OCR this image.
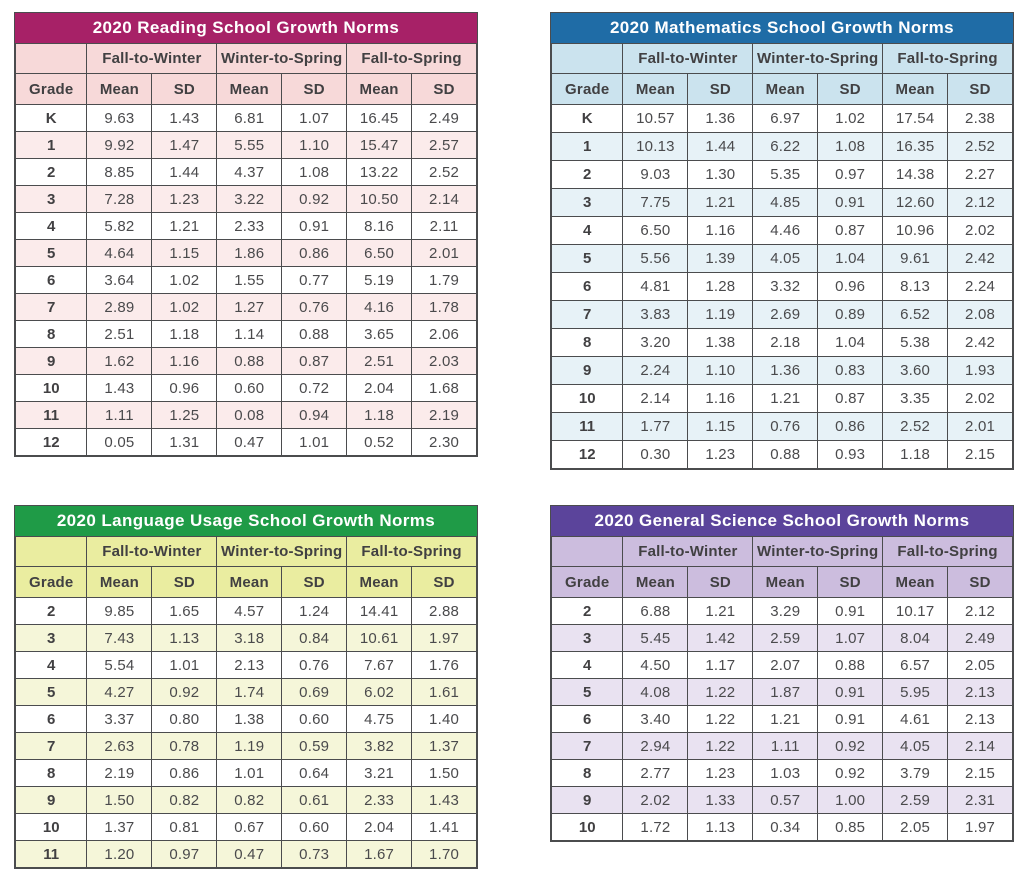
2020 Reading School Growth Norms
	Fall-to-Winter		Winter-to-Spring		Fall-to-Spring	
Grade	Mean	SD	Mean	SD	Mean	SD
K	9.63	1.43	6.81	1.07	16.45	2.49
1	9.92	1.47	5.55	1.10	15.47	2.57
2	8.85	1.44	4.37	1.08	13.22	2.52
3	7.28	1.23	3.22	0.92	10.50	2.14
4	5.82	1.21	2.33	0.91	8.16	2.11
5	4.64	1.15	1.86	0.86	6.50	2.01
6	3.64	1.02	1.55	0.77	5.19	1.79
7	2.89	1.02	1.27	0.76	4.16	1.78
8	2.51	1.18	1.14	0.88	3.65	2.06
9	1.62	1.16	0.88	0.87	2.51	2.03
10	1.43	0.96	0.60	0.72	2.04	1.68
11	1.11	1.25	0.08	0.94	1.18	2.19
12	0.05	1.31	0.47	1.01	0.52	2.30
2020 Mathematics School Growth Norms
	Fall-to-Winter		Winter-to-Spring		Fall-to-Spring	
Grade	Mean	SD	Mean	SD	Mean	SD
K	10.57	1.36	6.97	1.02	17.54	2.38
1	10.13	1.44	6.22	1.08	16.35	2.52
2	9.03	1.30	5.35	0.97	14.38	2.27
3	7.75	1.21	4.85	0.91	12.60	2.12
4	6.50	1.16	4.46	0.87	10.96	2.02
5	5.56	1.39	4.05	1.04	9.61	2.42
6	4.81	1.28	3.32	0.96	8.13	2.24
7	3.83	1.19	2.69	0.89	6.52	2.08
8	3.20	1.38	2.18	1.04	5.38	2.42
9	2.24	1.10	1.36	0.83	3.60	1.93
10	2.14	1.16	1.21	0.87	3.35	2.02
11	1.77	1.15	0.76	0.86	2.52	2.01
12	0.30	1.23	0.88	0.93	1.18	2.15
2020 Language Usage School Growth Norms
	Fall-to-Winter		Winter-to-Spring		Fall-to-Spring	
Grade	Mean	SD	Mean	SD	Mean	SD
2	9.85	1.65	4.57	1.24	14.41	2.88
3	7.43	1.13	3.18	0.84	10.61	1.97
4	5.54	1.01	2.13	0.76	7.67	1.76
5	4.27	0.92	1.74	0.69	6.02	1.61
6	3.37	0.80	1.38	0.60	4.75	1.40
7	2.63	0.78	1.19	0.59	3.82	1.37
8	2.19	0.86	1.01	0.64	3.21	1.50
9	1.50	0.82	0.82	0.61	2.33	1.43
10	1.37	0.81	0.67	0.60	2.04	1.41
11	1.20	0.97	0.47	0.73	1.67	1.70
2020 General Science School Growth Norms
	Fall-to-Winter		Winter-to-Spring		Fall-to-Spring	
Grade	Mean	SD	Mean	SD	Mean	SD
2	6.88	1.21	3.29	0.91	10.17	2.12
3	5.45	1.42	2.59	1.07	8.04	2.49
4	4.50	1.17	2.07	0.88	6.57	2.05
5	4.08	1.22	1.87	0.91	5.95	2.13
6	3.40	1.22	1.21	0.91	4.61	2.13
7	2.94	1.22	1.11	0.92	4.05	2.14
8	2.77	1.23	1.03	0.92	3.79	2.15
9	2.02	1.33	0.57	1.00	2.59	2.31
10	1.72	1.13	0.34	0.85	2.05	1.97
